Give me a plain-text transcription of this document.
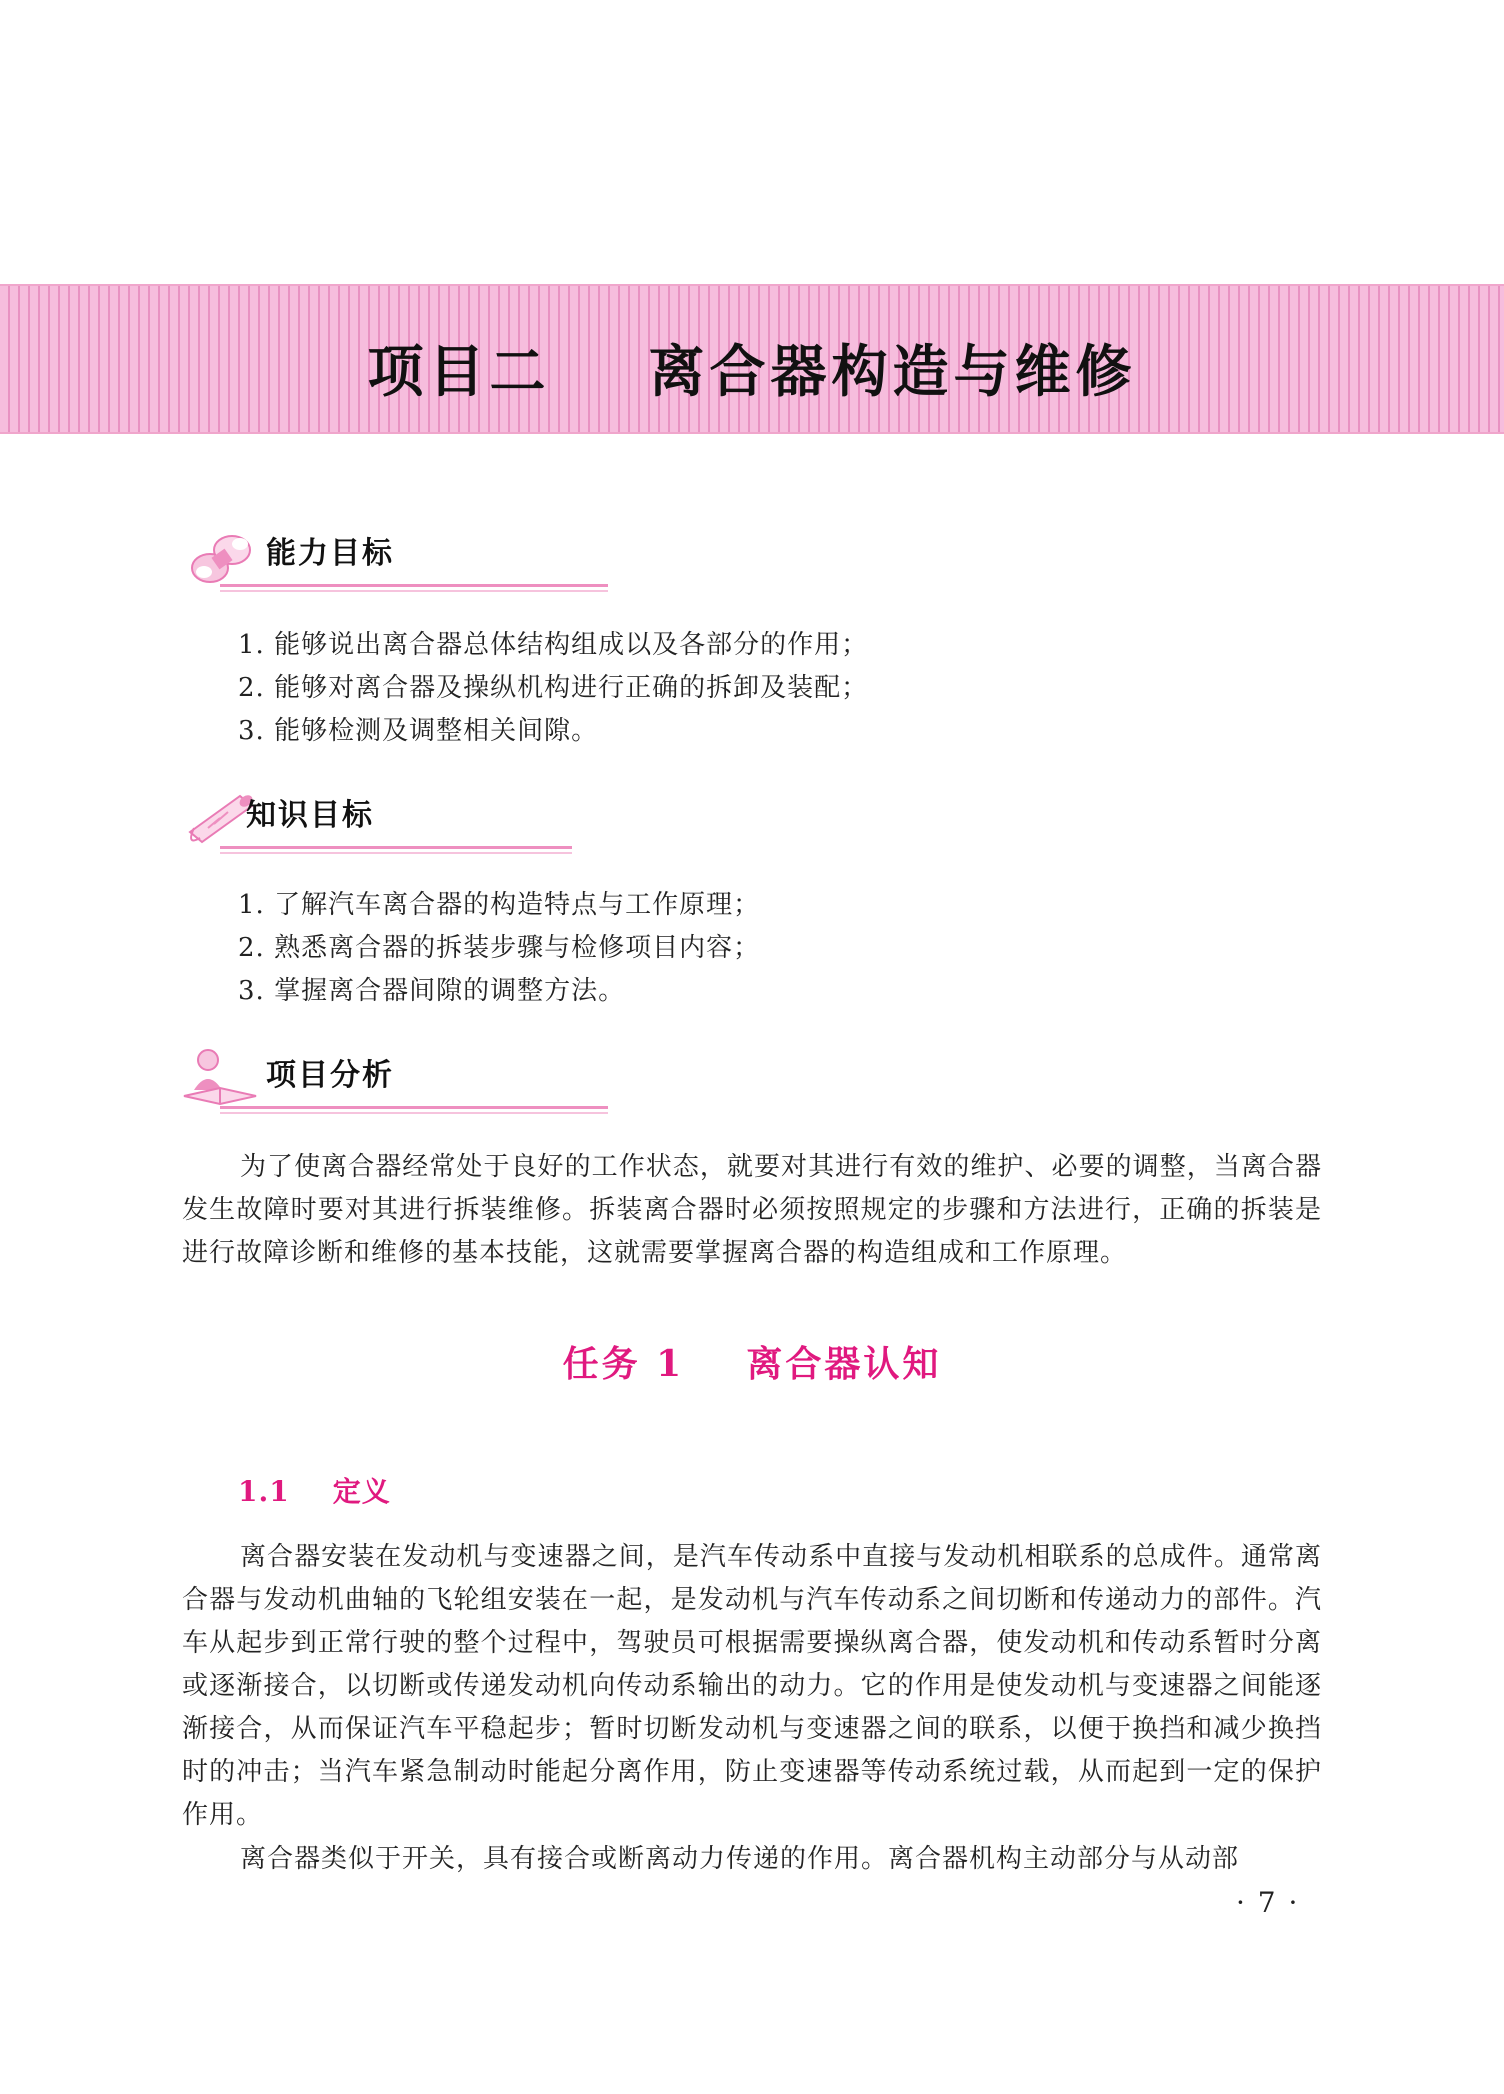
项目二    离合器构造与维修
能力目标
1. 能够说出离合器总体结构组成以及各部分的作用；
2. 能够对离合器及操纵机构进行正确的拆卸及装配；
3. 能够检测及调整相关间隙。
知识目标
1. 了解汽车离合器的构造特点与工作原理；
2. 熟悉离合器的拆装步骤与检修项目内容；
3. 掌握离合器间隙的调整方法。
项目分析
为了使离合器经常处于良好的工作状态，就要对其进行有效的维护、必要的调整，当离合器发生故障时要对其进行拆装维修。拆装离合器时必须按照规定的步骤和方法进行，正确的拆装是进行故障诊断和维修的基本技能，这就需要掌握离合器的构造组成和工作原理。
任务 1    离合器认知
1.1    定义
离合器安装在发动机与变速器之间，是汽车传动系中直接与发动机相联系的总成件。通常离合器与发动机曲轴的飞轮组安装在一起，是发动机与汽车传动系之间切断和传递动力的部件。汽车从起步到正常行驶的整个过程中，驾驶员可根据需要操纵离合器，使发动机和传动系暂时分离或逐渐接合，以切断或传递发动机向传动系输出的动力。它的作用是使发动机与变速器之间能逐渐接合，从而保证汽车平稳起步；暂时切断发动机与变速器之间的联系，以便于换挡和减少换挡时的冲击；当汽车紧急制动时能起分离作用，防止变速器等传动系统过载，从而起到一定的保护作用。
离合器类似于开关，具有接合或断离动力传递的作用。离合器机构主动部分与从动部
· 7 ·
